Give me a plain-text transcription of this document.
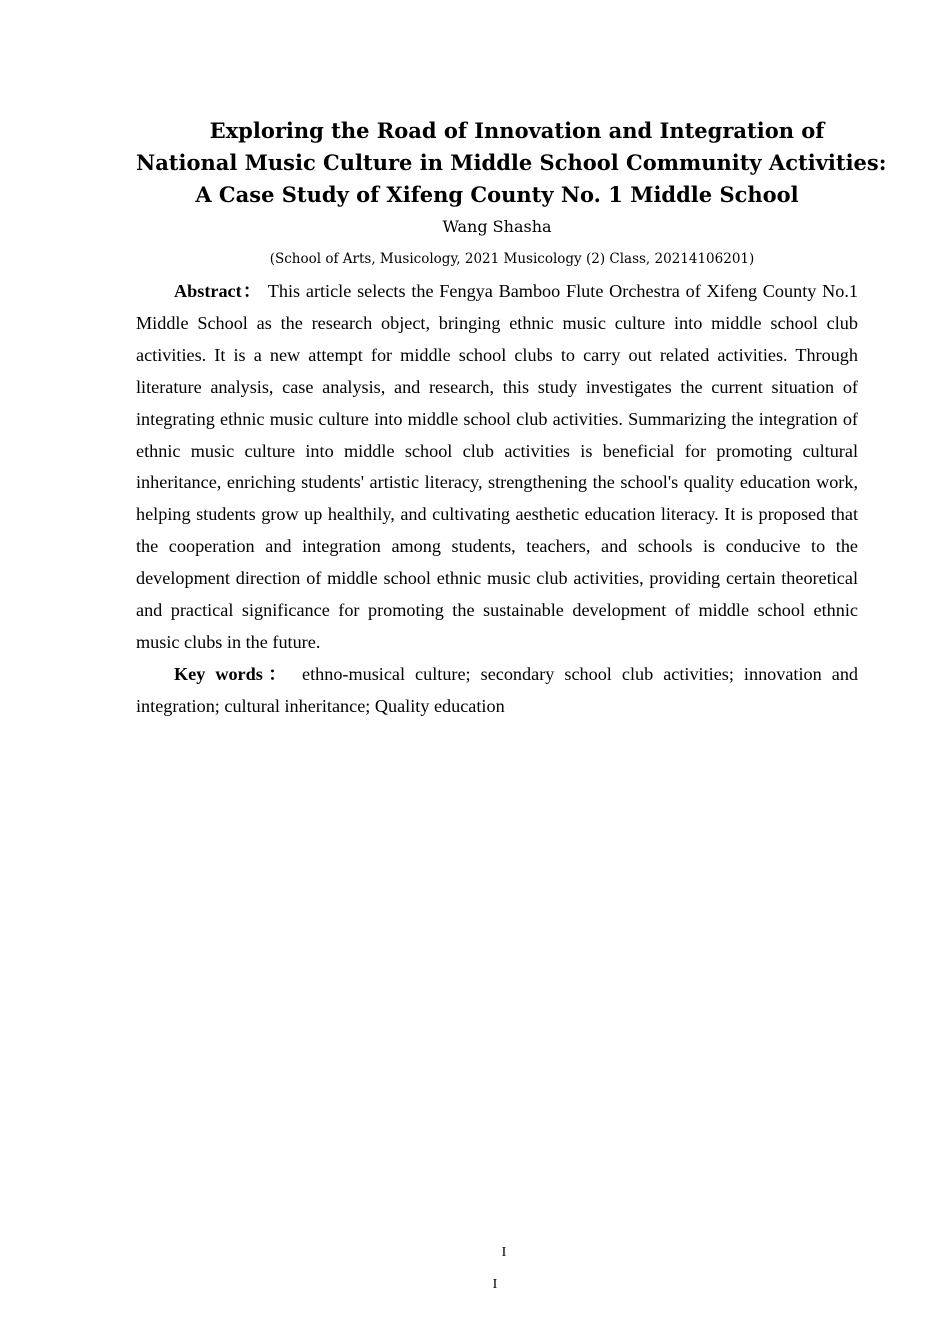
Exploring the Road of Innovation and Integration of
National Music Culture in Middle School Community Activities:
A Case Study of Xifeng County No. 1 Middle School
Wang Shasha
(School of Arts, Musicology, 2021 Musicology (2) Class, 20214106201)

Abstract： This article selects the Fengya Bamboo Flute Orchestra of Xifeng County No.1 Middle School as the research object, bringing ethnic music culture into middle school club activities. It is a new attempt for middle school clubs to carry out related activities. Through literature analysis, case analysis, and research, this study investigates the current situation of integrating ethnic music culture into middle school club activities. Summarizing the integration of ethnic music culture into middle school club activities is beneficial for promoting cultural inheritance, enriching students' artistic literacy, strengthening the school's quality education work, helping students grow up healthily, and cultivating aesthetic education literacy. It is proposed that the cooperation and integration among students, teachers, and schools is conducive to the development direction of middle school ethnic music club activities, providing certain theoretical and practical significance for promoting the sustainable development of middle school ethnic music clubs in the future.

Key words： ethno-musical culture; secondary school club activities; innovation and integration; cultural inheritance; Quality education

I
I
